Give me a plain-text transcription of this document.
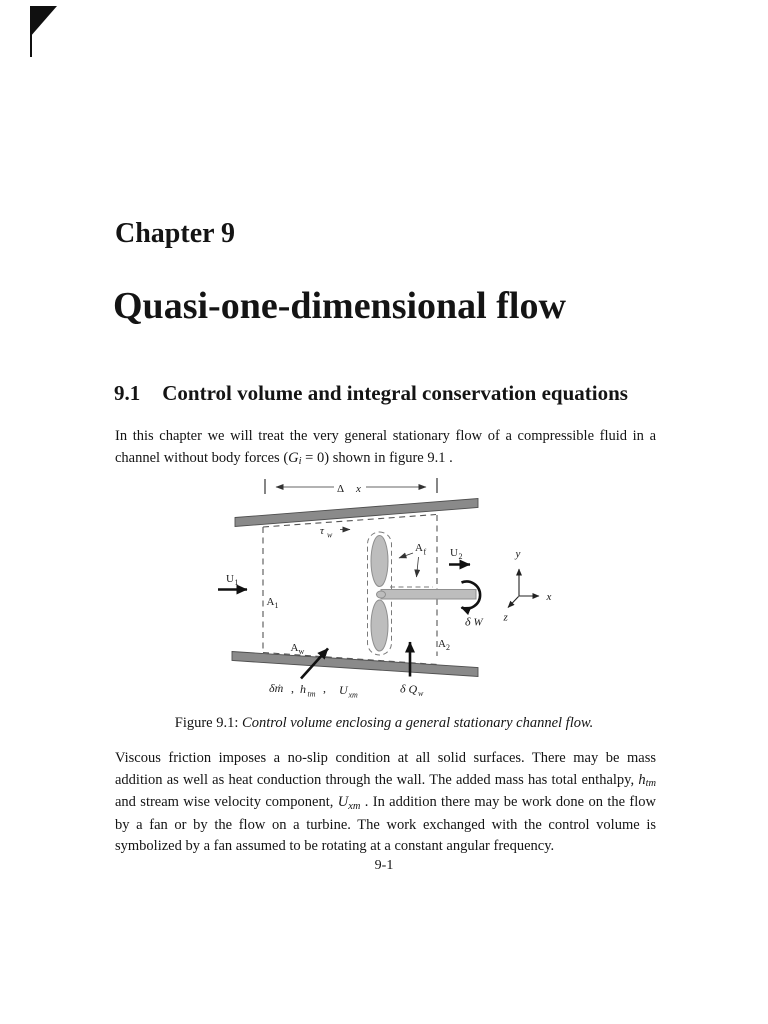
Chapter 9
Quasi-one-dimensional flow
9.1 Control volume and integral conservation equations

In this chapter we will treat the very general stationary flow of a compressible fluid in a channel without body forces (Gi = 0) shown in figure 9.1 .

Δ x
τ w
A f U 2
δ W
y
x
z
U 1
A 1
A w
A 2
δ Q w
δṁ , h tm , U xm

Figure 9.1: Control volume enclosing a general stationary channel flow.

Viscous friction imposes a no-slip condition at all solid surfaces. There may be mass addition as well as heat conduction through the wall. The added mass has total enthalpy, htm and stream wise velocity component, Uxm . In addition there may be work done on the flow by a fan or by the flow on a turbine. The work exchanged with the control volume is symbolized by a fan assumed to be rotating at a constant angular frequency.

9-1
